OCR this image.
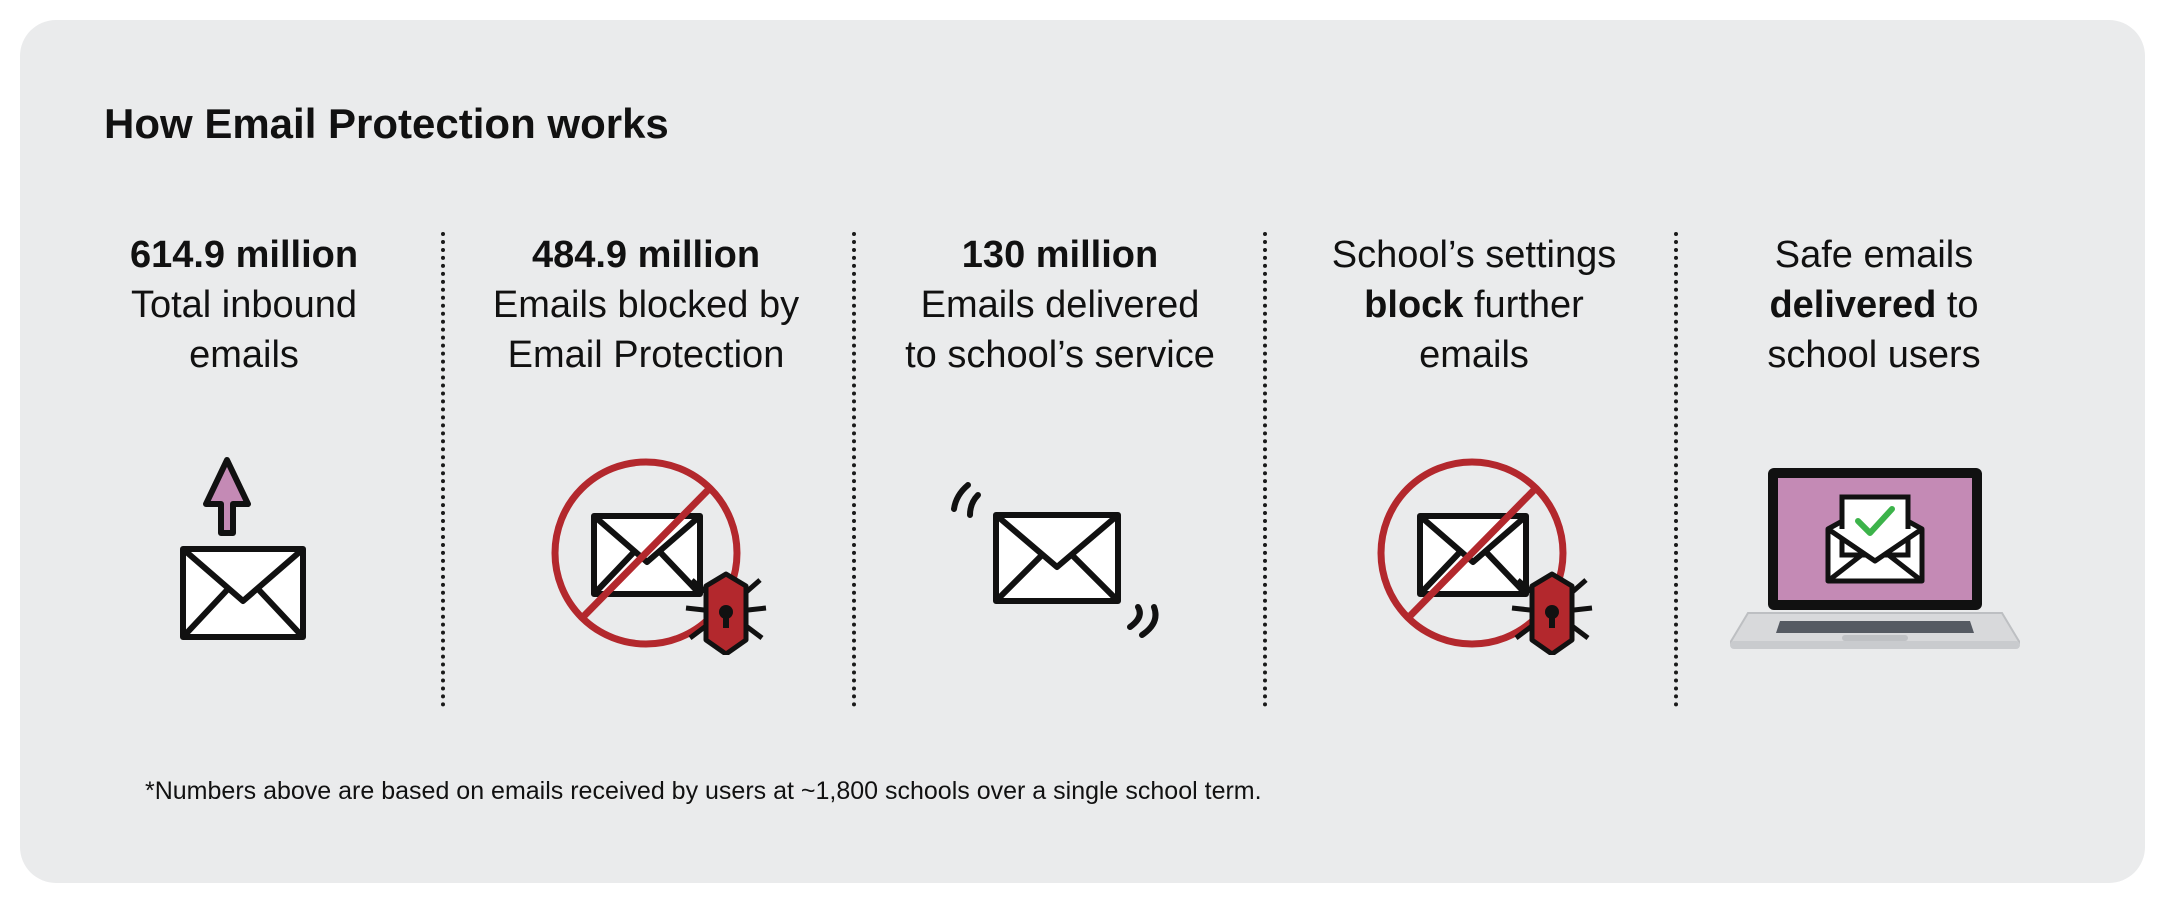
How Email Protection works
614.9 million
Total inbound
emails
484.9 million
Emails blocked by
Email Protection
130 million
Emails delivered
to school’s service
School’s settings
block further
emails
Safe emails
delivered to
school users

*Numbers above are based on emails received by users at ~1,800 schools over a single school term.
